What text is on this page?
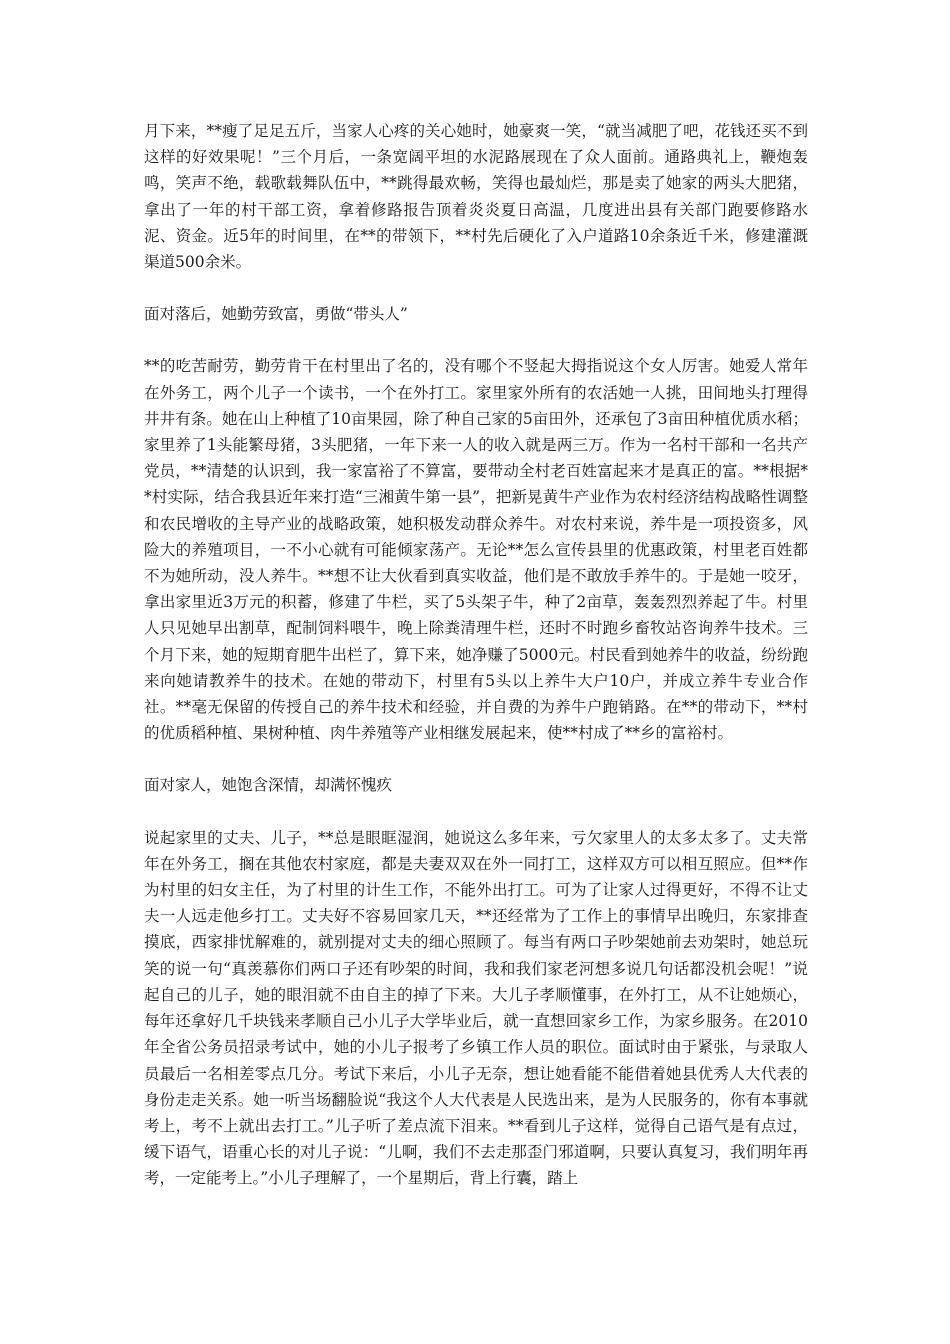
月下来，**瘦了足足五斤，当家人心疼的关心她时，她豪爽一笑，“就当减肥了吧，花钱还买不到这样的好效果呢！”三个月后，一条宽阔平坦的水泥路展现在了众人面前。通路典礼上，鞭炮轰鸣，笑声不绝，载歌载舞队伍中，**跳得最欢畅，笑得也最灿烂，那是卖了她家的两头大肥猪，拿出了一年的村干部工资，拿着修路报告顶着炎炎夏日高温，几度进出县有关部门跑要修路水泥、资金。近5年的时间里，在**的带领下，**村先后硬化了入户道路10余条近千米，修建灌溉渠道500余米。

面对落后，她勤劳致富，勇做“带头人”

**的吃苦耐劳，勤劳肯干在村里出了名的，没有哪个不竖起大拇指说这个女人厉害。她爱人常年在外务工，两个儿子一个读书，一个在外打工。家里家外所有的农活她一人挑，田间地头打理得井井有条。她在山上种植了10亩果园，除了种自己家的5亩田外，还承包了3亩田种植优质水稻；家里养了1头能繁母猪，3头肥猪，一年下来一人的收入就是两三万。作为一名村干部和一名共产党员，**清楚的认识到，我一家富裕了不算富，要带动全村老百姓富起来才是真正的富。**根据**村实际，结合我县近年来打造“三湘黄牛第一县”，把新晃黄牛产业作为农村经济结构战略性调整和农民增收的主导产业的战略政策，她积极发动群众养牛。对农村来说，养牛是一项投资多，风险大的养殖项目，一不小心就有可能倾家荡产。无论**怎么宣传县里的优惠政策，村里老百姓都不为她所动，没人养牛。**想不让大伙看到真实收益，他们是不敢放手养牛的。于是她一咬牙，拿出家里近3万元的积蓄，修建了牛栏，买了5头架子牛，种了2亩草，轰轰烈烈养起了牛。村里人只见她早出割草，配制饲料喂牛，晚上除粪清理牛栏，还时不时跑乡畜牧站咨询养牛技术。三个月下来，她的短期育肥牛出栏了，算下来，她净赚了5000元。村民看到她养牛的收益，纷纷跑来向她请教养牛的技术。在她的带动下，村里有5头以上养牛大户10户，并成立养牛专业合作社。**毫无保留的传授自己的养牛技术和经验，并自费的为养牛户跑销路。在**的带动下，**村的优质稻种植、果树种植、肉牛养殖等产业相继发展起来，使**村成了**乡的富裕村。

面对家人，她饱含深情，却满怀愧疚

说起家里的丈夫、儿子，**总是眼眶湿润，她说这么多年来，亏欠家里人的太多太多了。丈夫常年在外务工，搁在其他农村家庭，都是夫妻双双在外一同打工，这样双方可以相互照应。但**作为村里的妇女主任，为了村里的计生工作，不能外出打工。可为了让家人过得更好，不得不让丈夫一人远走他乡打工。丈夫好不容易回家几天，**还经常为了工作上的事情早出晚归，东家排查摸底，西家排忧解难的，就别提对丈夫的细心照顾了。每当有两口子吵架她前去劝架时，她总玩笑的说一句“真羡慕你们两口子还有吵架的时间，我和我们家老河想多说几句话都没机会呢！”说起自己的儿子，她的眼泪就不由自主的掉了下来。大儿子孝顺懂事，在外打工，从不让她烦心，每年还拿好几千块钱来孝顺自己小儿子大学毕业后，就一直想回家乡工作，为家乡服务。在2010年全省公务员招录考试中，她的小儿子报考了乡镇工作人员的职位。面试时由于紧张，与录取人员最后一名相差零点几分。考试下来后，小儿子无奈，想让她看能不能借着她县优秀人大代表的身份走走关系。她一听当场翻脸说“我这个人大代表是人民选出来，是为人民服务的，你有本事就考上，考不上就出去打工。”儿子听了差点流下泪来。**看到儿子这样，觉得自己语气是有点过，缓下语气，语重心长的对儿子说：“儿啊，我们不去走那歪门邪道啊，只要认真复习，我们明年再考，一定能考上。”小儿子理解了，一个星期后，背上行囊，踏上
